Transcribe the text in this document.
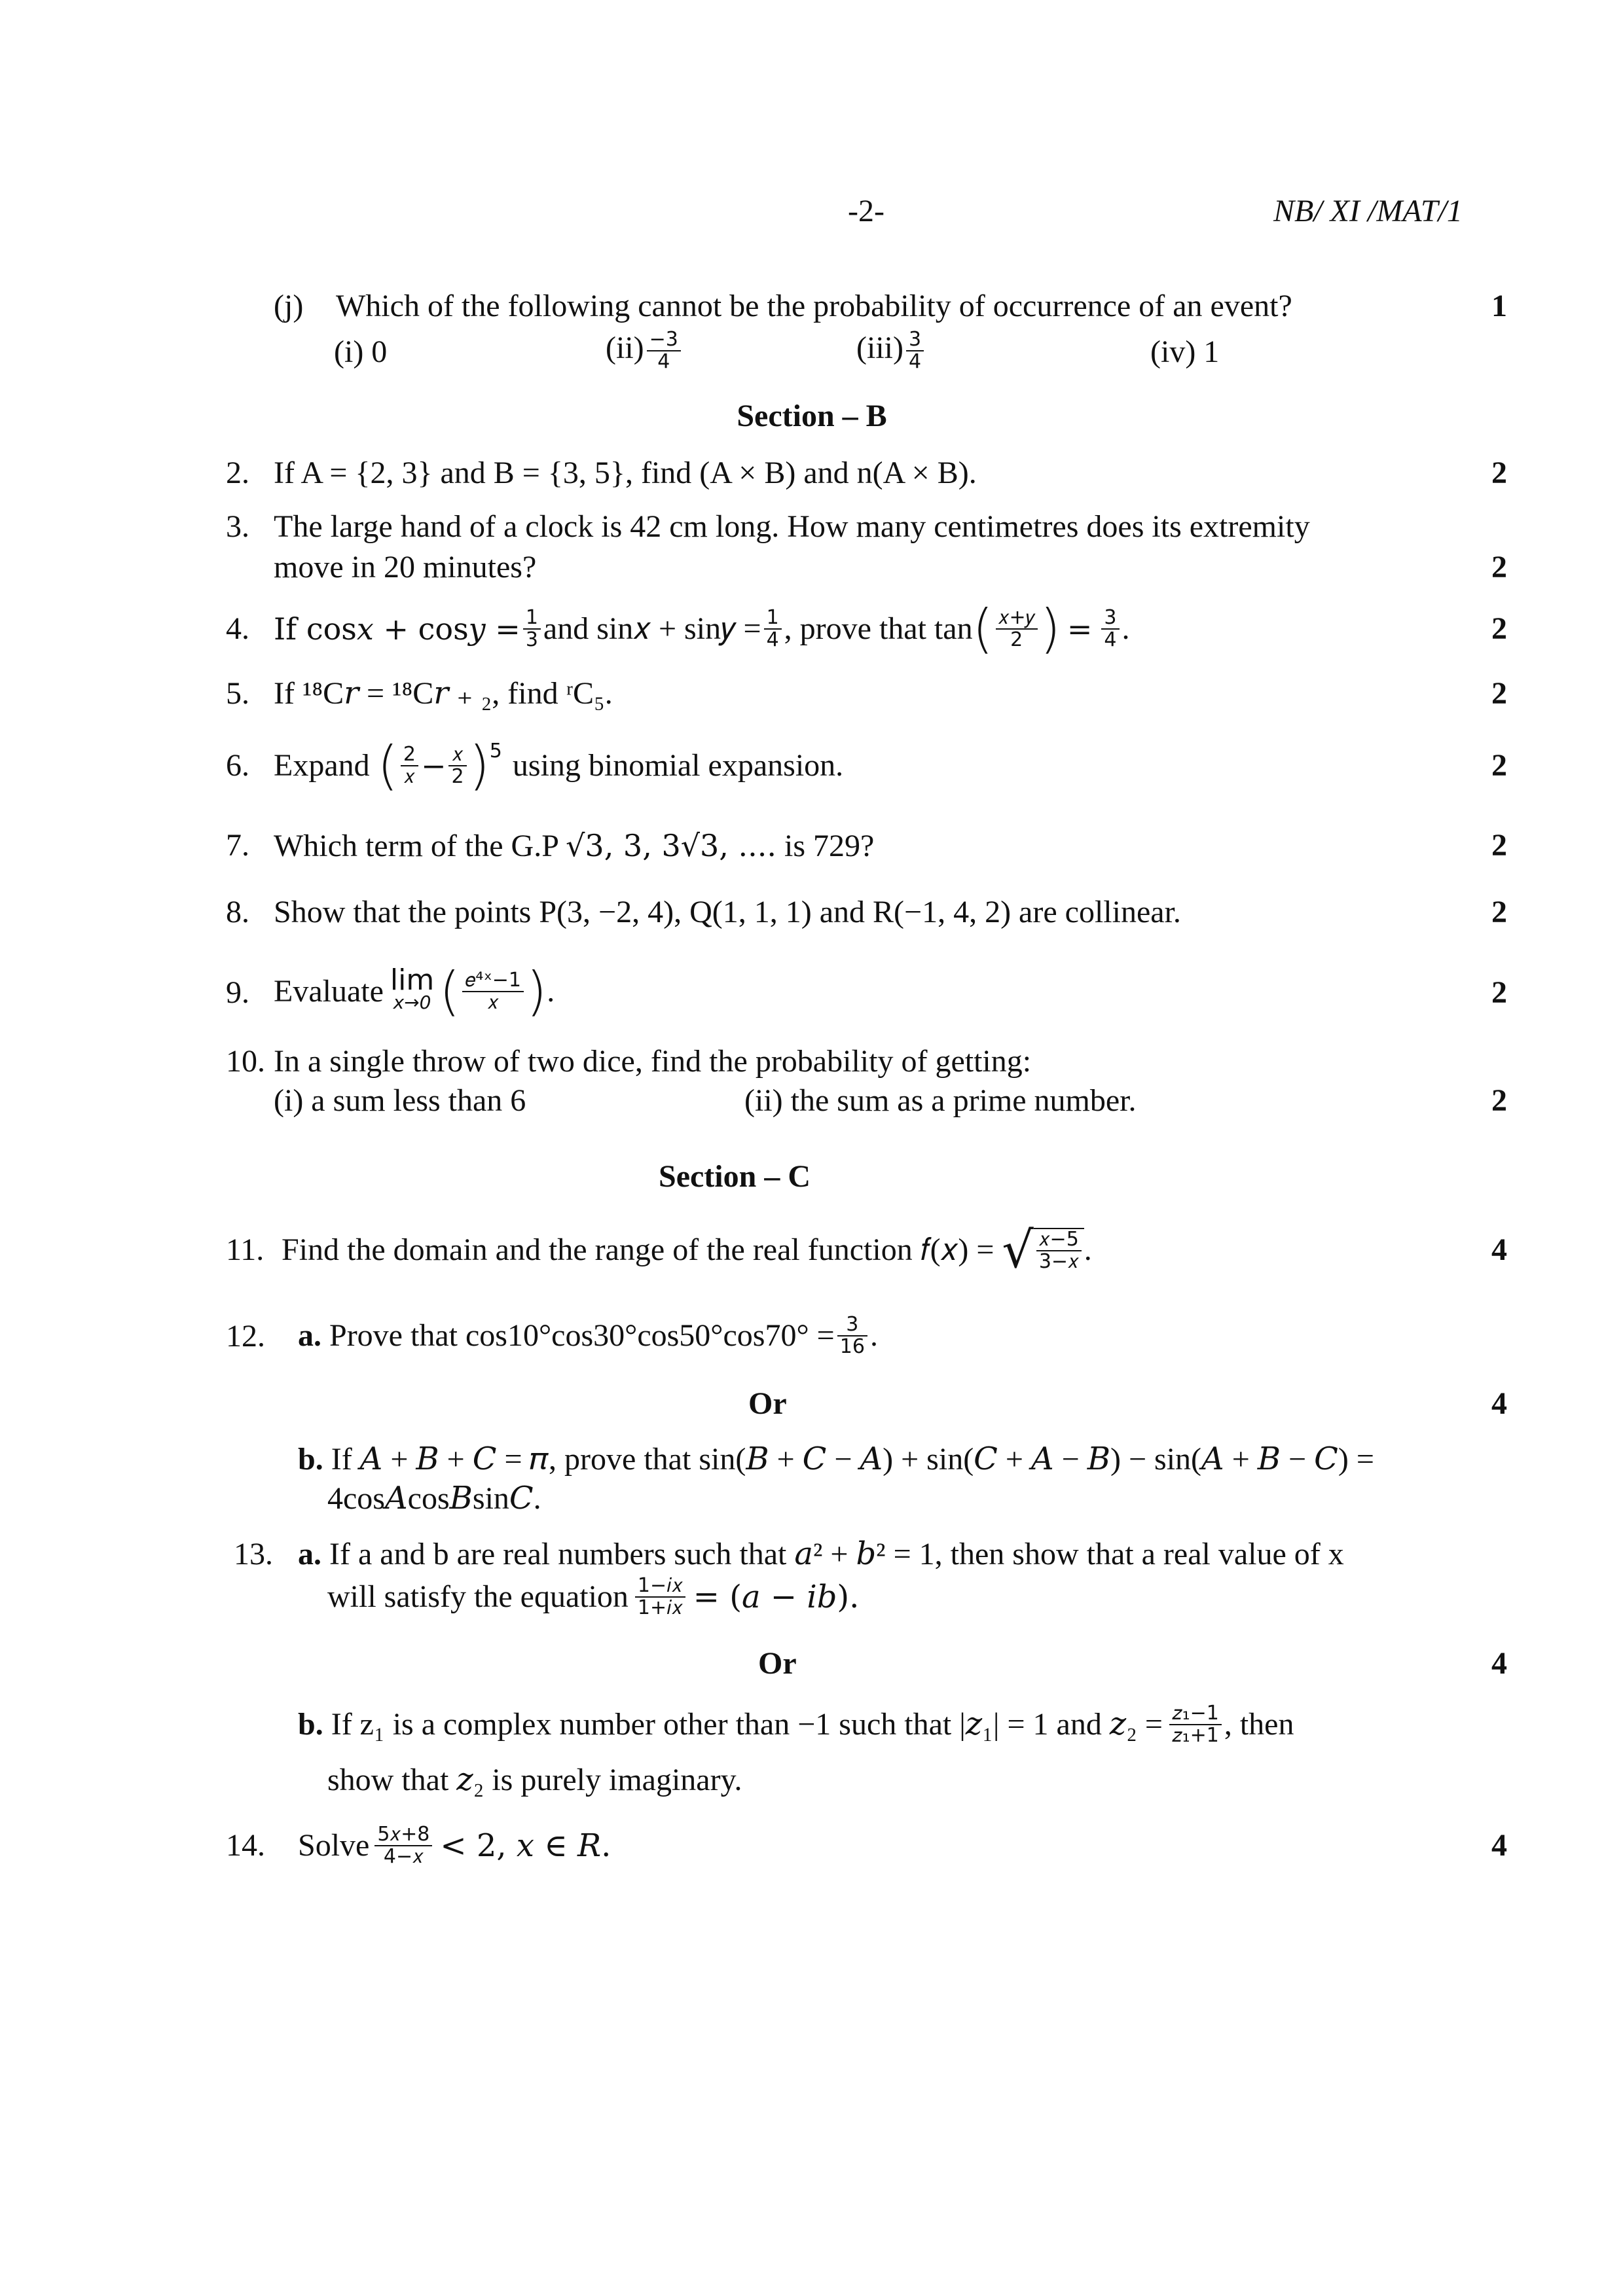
-2-	NB/ XI /MAT/1
(j) Which of the following cannot be the probability of occurrence of an event?	1
(i) 0	$(ii) \frac{-3}{4}$	$(iii) \frac{3}{4}$	(iv) 1
Section – B
2. If A = {2, 3} and B = {3, 5}, find (A × B) and n(A × B).	2
3. The large hand of a clock is 42 cm long. How many centimetres does its extremity
move in 20 minutes?	2
4. If cos𝑥 + cos𝑦 = $\frac{1}{3}$ and sin𝑥 + sin𝑦 = $\frac{1}{4}$ , prove that tan ( $\frac{\text{𝑥+𝑦}}{2}$ ) = $\frac{3}{4}$ .	2
5. If ¹⁸C𝑟 = ¹⁸C𝑟 ₊ ₂, find ʳC₅.	2
6. Expand ( $\frac{2}{\text{𝑥}} - \frac{\text{𝑥}}{2}$ ) 5 using binomial expansion.	2
7. Which term of the G.P √3, 3, 3√3, .... is 729?	2
8. Show that the points P(3, −2, 4), Q(1, 1, 1) and R(−1, 4, 2) are collinear.	2
9. Evaluate lim
x→0 ( $\frac{\text{𝑒⁴ˣ−1}}{\text{𝑥}}$ ) .	2
10. In a single throw of two dice, find the probability of getting:
(i) a sum less than 6	(ii) the sum as a prime number.	2
Section – C
11. Find the domain and the range of the real function 𝑓(𝑥) = √ $\frac{\text{𝑥−5}}{\text{3−𝑥}}$ .	4
12. a. Prove that $\cos 10^\circ\cos 30^\circ\cos 50^\circ\cos 70^\circ = \frac{3}{16}$ .
Or	4
b. If 𝐴 + 𝐵 + 𝐶 = 𝜋, prove that sin(𝐵 + 𝐶 − 𝐴) + sin(𝐶 + 𝐴 − 𝐵) − sin(𝐴 + 𝐵 − 𝐶) =
4cos𝐴cos𝐵sin𝐶.
13. a. If a and b are real numbers such that 𝑎² + 𝑏² = 1, then show that a real value of x
will satisfy the equation $\frac{\text{1−𝑖𝑥}}{\text{1+𝑖𝑥}}$ = (𝑎 − 𝑖𝑏).
Or	4
b. If z₁ is a complex number other than −1 such that |𝑧₁| = 1 and 𝑧₂ = $\frac{\text{𝑧₁−1}}{\text{𝑧₁+1}}$ , then
show that 𝑧₂ is purely imaginary.
14. Solve $\frac{\text{5𝑥+8}}{\text{4−𝑥}} < 2$, 𝑥 ∈ 𝑅.	4
